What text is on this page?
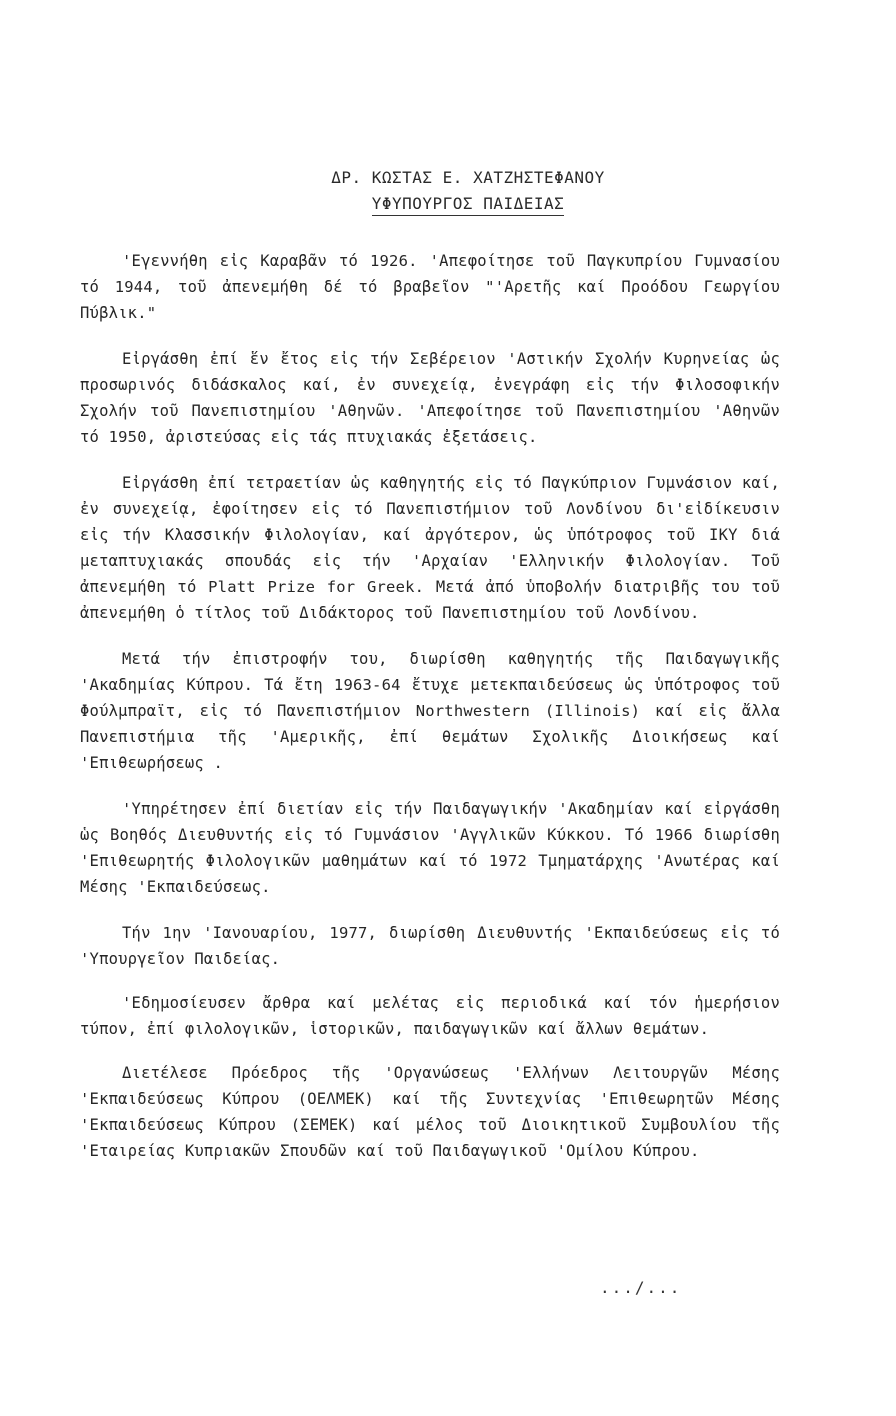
ΔΡ. ΚΩΣΤΑΣ Ε. ΧΑΤΖΗΣΤΕΦΑΝΟΥ
ΥΦΥΠΟΥΡΓΟΣ ΠΑΙΔΕΙΑΣ

'Εγεννήθη εἰς Καραβᾶν τό 1926. 'Απεφοίτησε τοῦ Παγκυπρίου Γυμνασίου τό 1944, τοῦ ἀπενεμήθη δέ τό βραβεῖον "'Αρετῆς καί Προόδου Γεωργίου Πύβλικ."

Εἰργάσθη ἐπί ἕν ἔτος εἰς τήν Σεβέρειον 'Αστικήν Σχολήν Κυρηνείας ὡς προσωρινός διδάσκαλος καί, ἐν συνεχείᾳ, ἐνεγράφη εἰς τήν Φιλοσοφικήν Σχολήν τοῦ Πανεπιστημίου 'Αθηνῶν. 'Απεφοίτησε τοῦ Πανεπιστημίου 'Αθηνῶν τό 1950, ἀριστεύσας εἰς τάς πτυχιακάς ἐξετάσεις.

Εἰργάσθη ἐπί τετραετίαν ὡς καθηγητής εἰς τό Παγκύπριον Γυμνάσιον καί, ἐν συνεχείᾳ, ἐφοίτησεν εἰς τό Πανεπιστήμιον τοῦ Λονδίνου δι'εἰδίκευσιν εἰς τήν Κλασσικήν Φιλολογίαν, καί ἀργότερον, ὡς ὑπότροφος τοῦ ΙΚΥ διά μεταπτυχιακάς σπουδάς εἰς τήν 'Αρχαίαν 'Ελληνικήν Φιλολογίαν. Τοῦ ἀπενεμήθη τό Platt Prize for Greek. Μετά ἀπό ὑποβολήν διατριβῆς του τοῦ ἀπενεμήθη ὁ τίτλος τοῦ Διδάκτορος τοῦ Πανεπιστημίου τοῦ Λονδίνου.

Μετά τήν ἐπιστροφήν του, διωρίσθη καθηγητής τῆς Παιδαγωγικῆς 'Ακαδημίας Κύπρου. Τά ἔτη 1963-64 ἔτυχε μετεκπαιδεύσεως ὡς ὑπότροφος τοῦ Φούλμπραϊτ, εἰς τό Πανεπιστήμιον Northwestern (Illinois) καί εἰς ἄλλα Πανεπιστήμια τῆς 'Αμερικῆς, ἐπί θεμάτων Σχολικῆς Διοικήσεως καί 'Επιθεωρήσεως .

'Υπηρέτησεν ἐπί διετίαν εἰς τήν Παιδαγωγικήν 'Ακαδημίαν καί εἰργάσθη ὡς Βοηθός Διευθυντής εἰς τό Γυμνάσιον 'Αγγλικῶν Κύκκου. Τό 1966 διωρίσθη 'Επιθεωρητής Φιλολογικῶν μαθημάτων καί τό 1972 Τμηματάρχης 'Ανωτέρας καί Μέσης 'Εκπαιδεύσεως.

Τήν 1ην 'Ιανουαρίου, 1977, διωρίσθη Διευθυντής 'Εκπαιδεύσεως εἰς τό 'Υπουργεῖον Παιδείας.

'Εδημοσίευσεν ἄρθρα καί μελέτας εἰς περιοδικά καί τόν ἡμερήσιον τύπον, ἐπί φιλολογικῶν, ἱστορικῶν, παιδαγωγικῶν καί ἄλλων θεμάτων.

Διετέλεσε Πρόεδρος τῆς 'Οργανώσεως 'Ελλήνων Λειτουργῶν Μέσης 'Εκπαιδεύσεως Κύπρου (ΟΕΛΜΕΚ) καί τῆς Συντεχνίας 'Επιθεωρητῶν Μέσης 'Εκπαιδεύσεως Κύπρου (ΣΕΜΕΚ) καί μέλος τοῦ Διοικητικοῦ Συμβουλίου τῆς 'Εταιρείας Κυπριακῶν Σπουδῶν καί τοῦ Παιδαγωγικοῦ 'Ομίλου Κύπρου.

.../...
